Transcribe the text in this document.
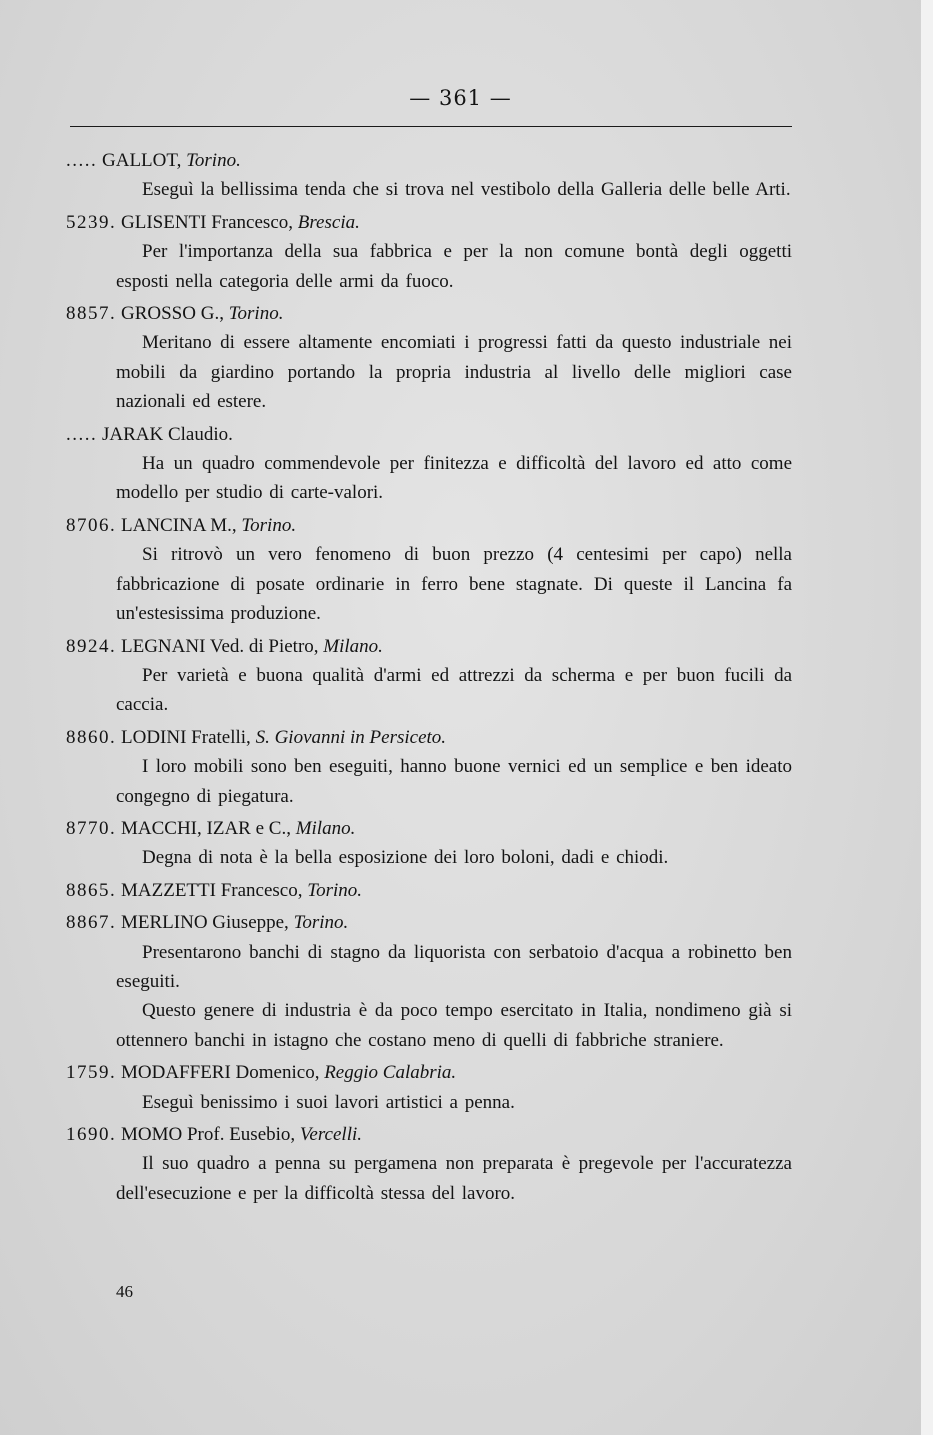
— 361 —
..... GALLOT, Torino.
Eseguì la bellissima tenda che si trova nel vestibolo della Galleria delle belle Arti.
5239. GLISENTI Francesco, Brescia.
Per l'importanza della sua fabbrica e per la non comune bontà degli oggetti esposti nella categoria delle armi da fuoco.
8857. GROSSO G., Torino.
Meritano di essere altamente encomiati i progressi fatti da questo industriale nei mobili da giardino portando la propria industria al livello delle migliori case nazionali ed estere.
..... JARAK Claudio.
Ha un quadro commendevole per finitezza e difficoltà del lavoro ed atto come modello per studio di carte-valori.
8706. LANCINA M., Torino.
Si ritrovò un vero fenomeno di buon prezzo (4 centesimi per capo) nella fabbricazione di posate ordinarie in ferro bene stagnate. Di queste il Lancina fa un'estesissima produzione.
8924. LEGNANI Ved. di Pietro, Milano.
Per varietà e buona qualità d'armi ed attrezzi da scherma e per buon fucili da caccia.
8860. LODINI Fratelli, S. Giovanni in Persiceto.
I loro mobili sono ben eseguiti, hanno buone vernici ed un semplice e ben ideato congegno di piegatura.
8770. MACCHI, IZAR e C., Milano.
Degna di nota è la bella esposizione dei loro boloni, dadi e chiodi.
8865. MAZZETTI Francesco, Torino.
8867. MERLINO Giuseppe, Torino.
Presentarono banchi di stagno da liquorista con serbatoio d'acqua a robinetto ben eseguiti.
Questo genere di industria è da poco tempo esercitato in Italia, nondimeno già si ottennero banchi in istagno che costano meno di quelli di fabbriche straniere.
1759. MODAFFERI Domenico, Reggio Calabria.
Eseguì benissimo i suoi lavori artistici a penna.
1690. MOMO Prof. Eusebio, Vercelli.
Il suo quadro a penna su pergamena non preparata è pregevole per l'accuratezza dell'esecuzione e per la difficoltà stessa del lavoro.
46
